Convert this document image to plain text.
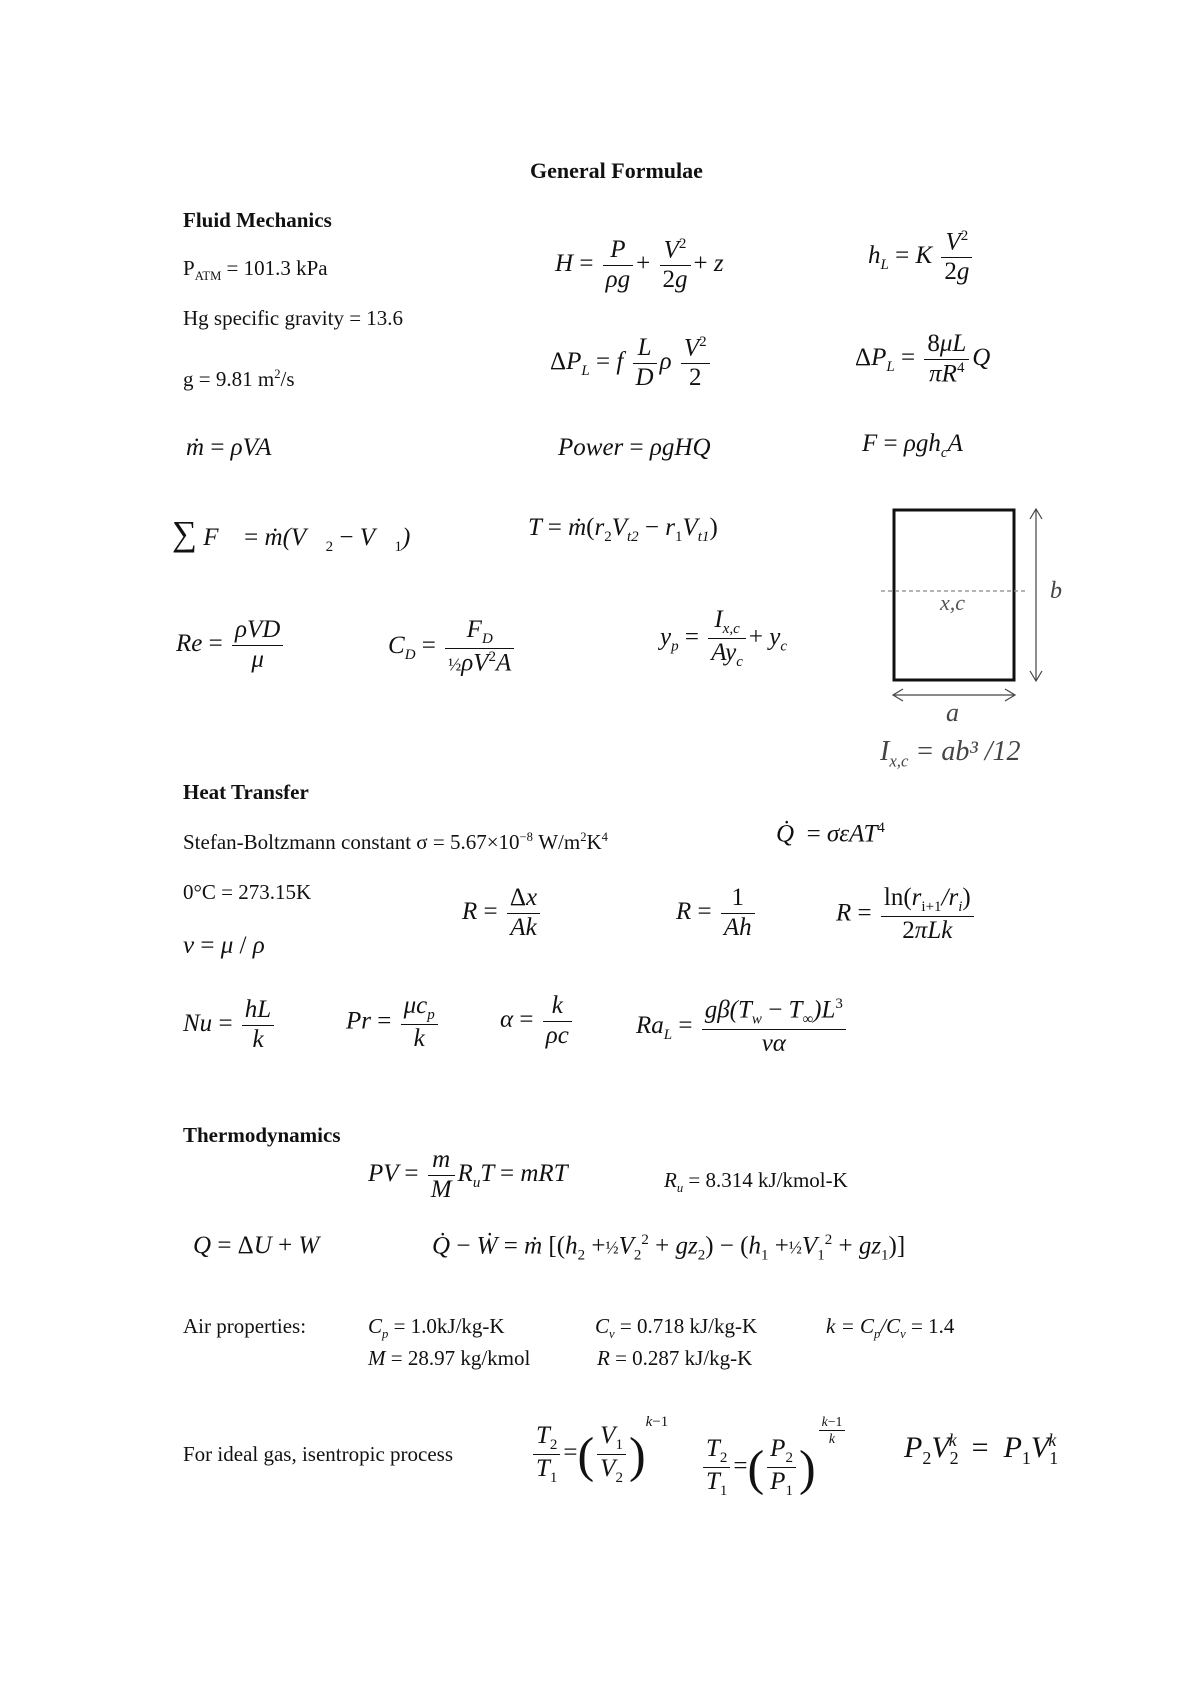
General Formulae
Fluid Mechanics
$P_{ATM} = 101.3$ kPa
Hg specific gravity = 13.6
g = 9.81 $m^2/s$
$H = \frac{P}{\rho g} + \frac{V^2}{2g} + z$	$h_L = K \frac{V^2}{2g}$
$\Delta P_L = f \frac{L}{D}$ ρ $\frac{V^2}{2}$	$\Delta P_L = \frac{8\mu L}{\pi R^4}$ Q
ṁ = ρVA	Power = ρgHQ	F = ρgh$_c$A
∑ F⃗ = $ṁ(V⃗_2$ − $V⃗_1$)	$T = ṁ(r_2V_{t2} - r_1V_{t1})$
$Re = \frac{\text{ρVD}}{\mu}$	$C_D = \frac{F_D}{\frac{1}{2}\rho V^2A}$	$y_p = \frac{I_{x,c}}{Ay_c} + y_c$
x,c	b
a
$I_{x,c} = ab^3$ /12
Heat Transfer
Stefan-Boltzmann constant $\sigma = 5.67\times 10^{-8}$ $W/m^2K^4$	Q̇  = σεAT$^4$
0°C = 273.15K
$R = \frac{\Delta x}{Ak}$	$R = \frac{1}{Ah}$	$R = \frac{\ln(r_{i+1}/r_i)}{\text{2πLk}}$
ν = μ / ρ
$Nu = \frac{hL}{k}$	$Pr = \frac{\mu c_p}{k}$ $\alpha = \frac{k}{\rho c}$	$Ra_L = \frac{g\beta(T_w - T_\infty)L^3}{\nu\alpha}$
Thermodynamics
PV = $\frac{m}{M} R_uT$ = mRT	$R_u = 8.314$ kJ/kmol-K
Q = ΔU + W	Q̇ − Ẇ = ṁ [($h_2$ $+\frac{1}{2}V_2^2 + gz_2) - (h_1$ $+\frac{1}{2}V_1^2 + gz_1$)]
Air properties:	$C_p = 1.0kJ/kg-K$	$C_v = 0.718$ kJ/kg-K	$k = C_p/C_v = 1.4$
M = 28.97 kg/kmol	R = 0.287 kJ/kg-K
For ideal gas, isentropic process	$\frac{T_2}{T_1}$ =( $\frac{V_1}{V_2} )^{k-1}$
$\frac{T_2}{T_1}$ =( $\frac{P_2}{P_1}$ )
$^{\frac{k-1}{k}}$
$P_2V_2^k = P_1V_1^k$
